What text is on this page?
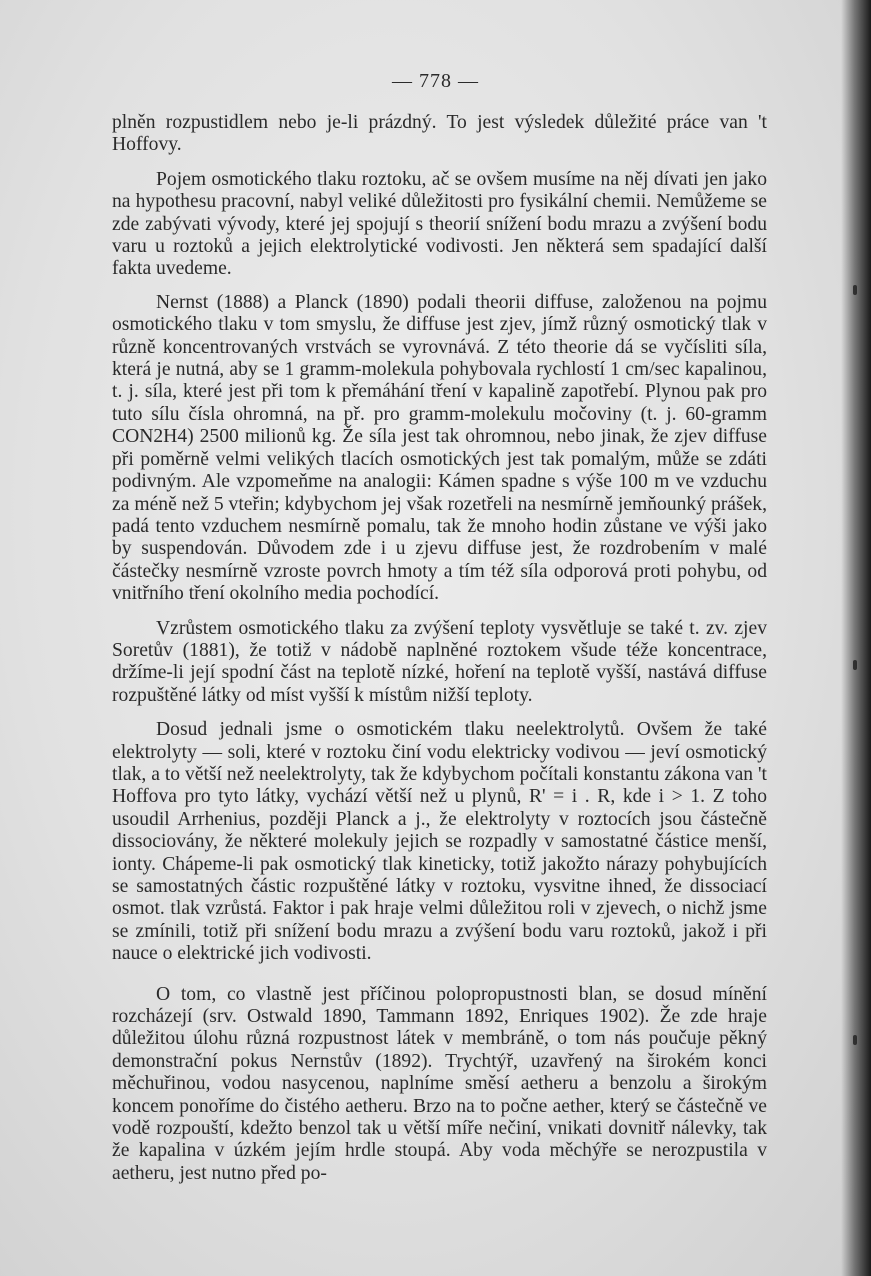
— 778 —

plněn rozpustidlem nebo je-li prázdný. To jest výsledek důležité práce van 't Hoffovy.

Pojem osmotického tlaku roztoku, ač se ovšem musíme na něj dívati jen jako na hypothesu pracovní, nabyl veliké důležitosti pro fysikální chemii. Nemůžeme se zde zabývati vývody, které jej spojují s theorií snížení bodu mrazu a zvýšení bodu varu u roztoků a jejich elektrolytické vodivosti. Jen některá sem spadající další fakta uvedeme.

Nernst (1888) a Planck (1890) podali theorii diffuse, založenou na pojmu osmotického tlaku v tom smyslu, že diffuse jest zjev, jímž různý osmotický tlak v různě koncentrovaných vrstvách se vyrovnává. Z této theorie dá se vyčísliti síla, která je nutná, aby se 1 gramm-molekula pohybovala rychlostí 1 cm/sec kapalinou, t. j. síla, které jest při tom k přemáhání tření v kapalině zapotřebí. Plynou pak pro tuto sílu čísla ohromná, na př. pro gramm-molekulu močoviny (t. j. 60-gramm CON2H4) 2500 milionů kg. Že síla jest tak ohromnou, nebo jinak, že zjev diffuse při poměrně velmi velikých tlacích osmotických jest tak pomalým, může se zdáti podivným. Ale vzpomeňme na analogii: Kámen spadne s výše 100 m ve vzduchu za méně než 5 vteřin; kdybychom jej však rozetřeli na nesmírně jemňounký prášek, padá tento vzduchem nesmírně pomalu, tak že mnoho hodin zůstane ve výši jako by suspendován. Důvodem zde i u zjevu diffuse jest, že rozdrobením v malé částečky nesmírně vzroste povrch hmoty a tím též síla odporová proti pohybu, od vnitřního tření okolního media pochodící.

Vzrůstem osmotického tlaku za zvýšení teploty vysvětluje se také t. zv. zjev Soretův (1881), že totiž v nádobě naplněné roztokem všude téže koncentrace, držíme-li její spodní část na teplotě nízké, hoření na teplotě vyšší, nastává diffuse rozpuštěné látky od míst vyšší k místům nižší teploty.

Dosud jednali jsme o osmotickém tlaku neelektrolytů. Ovšem že také elektrolyty — soli, které v roztoku činí vodu elektricky vodivou — jeví osmotický tlak, a to větší než neelektrolyty, tak že kdybychom počítali konstantu zákona van 't Hoffova pro tyto látky, vychází větší než u plynů, R' = i . R, kde i > 1. Z toho usoudil Arrhenius, později Planck a j., že elektrolyty v roztocích jsou částečně dissociovány, že některé molekuly jejich se rozpadly v samostatné částice menší, ionty. Chápeme-li pak osmotický tlak kineticky, totiž jakožto nárazy pohybujících se samostatných částic rozpuštěné látky v roztoku, vysvitne ihned, že dissociací osmot. tlak vzrůstá. Faktor i pak hraje velmi důležitou roli v zjevech, o nichž jsme se zmínili, totiž při snížení bodu mrazu a zvýšení bodu varu roztoků, jakož i při nauce o elektrické jich vodivosti.

O tom, co vlastně jest příčinou polopropustnosti blan, se dosud mínění rozcházejí (srv. Ostwald 1890, Tammann 1892, Enriques 1902). Že zde hraje důležitou úlohu různá rozpustnost látek v membráně, o tom nás poučuje pěkný demonstrační pokus Nernstův (1892). Trychtýř, uzavřený na širokém konci měchuřinou, vodou nasycenou, naplníme směsí aetheru a benzolu a širokým koncem ponoříme do čistého aetheru. Brzo na to počne aether, který se částečně ve vodě rozpouští, kdežto benzol tak u větší míře nečiní, vnikati dovnitř nálevky, tak že kapalina v úzkém jejím hrdle stoupá. Aby voda měchýře se nerozpustila v aetheru, jest nutno před po-
